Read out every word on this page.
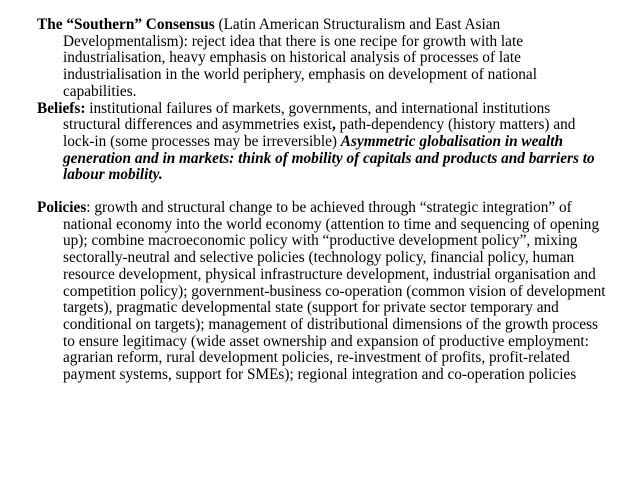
The “Southern” Consensus (Latin American Structuralism and East Asian Developmentalism): reject idea that there is one recipe for growth with late industrialisation, heavy emphasis on historical analysis of processes of late industrialisation in the world periphery, emphasis on development of national capabilities.

Beliefs: institutional failures of markets, governments, and international institutions structural differences and asymmetries exist, path-dependency (history matters) and lock-in (some processes may be irreversible) Asymmetric globalisation in wealth generation and in markets: think of mobility of capitals and products and barriers to labour mobility.

Policies: growth and structural change to be achieved through “strategic integration” of national economy into the world economy (attention to time and sequencing of opening up); combine macroeconomic policy with “productive development policy”, mixing sectorally-neutral and selective policies (technology policy, financial policy, human resource development, physical infrastructure development, industrial organisation and competition policy); government-business co-operation (common vision of development targets), pragmatic developmental state (support for private sector temporary and conditional on targets); management of distributional dimensions of the growth process to ensure legitimacy (wide asset ownership and expansion of productive employment: agrarian reform, rural development policies, re-investment of profits, profit-related payment systems, support for SMEs); regional integration and co-operation policies
